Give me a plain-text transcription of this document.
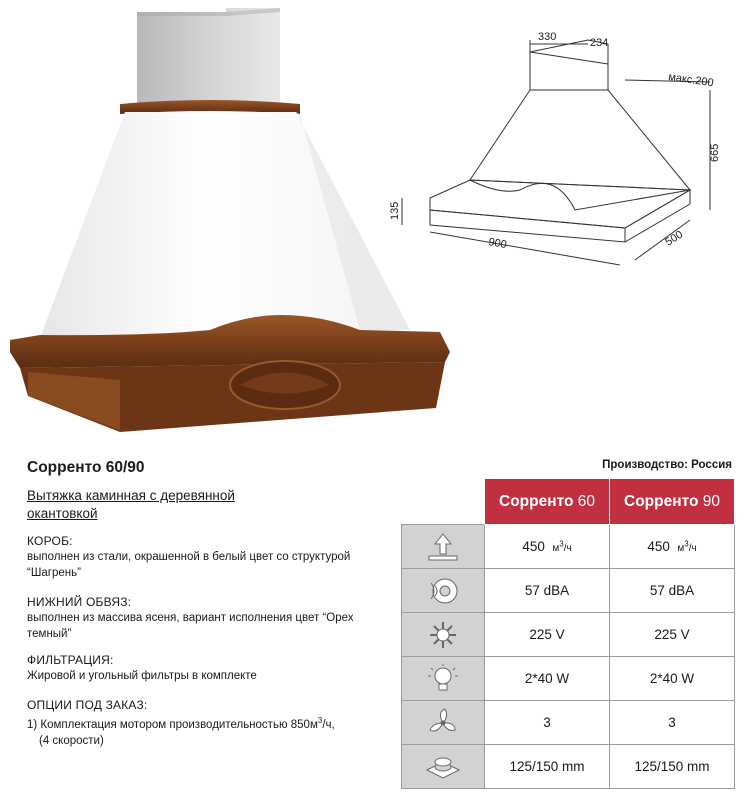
330	234
макс.200
665
135
900	500
Сорренто 60/90
Вытяжка каминная с деревянной окантовкой
КОРОБ:
выполнен из стали, окрашенной в белый цвет со структурой “Шагрень”
НИЖНИЙ ОБВЯЗ:
выполнен из массива ясеня, вариант исполнения цвет “Орех темный”
ФИЛЬТРАЦИЯ:
Жировой и угольный фильтры в комплекте
ОПЦИИ ПОД ЗАКАЗ:
1) Комплектация мотором производительностью $850м^3/ч$,
(4 скорости)
Производство: Россия
	Сорренто 60	Сорренто 90

	450 $м^3/ч$	450 $м^3/ч$

	57 dBA	57 dBA

	225 V	225 V

	2*40 W	2*40 W

	3	3

	125/150 mm	125/150 mm
